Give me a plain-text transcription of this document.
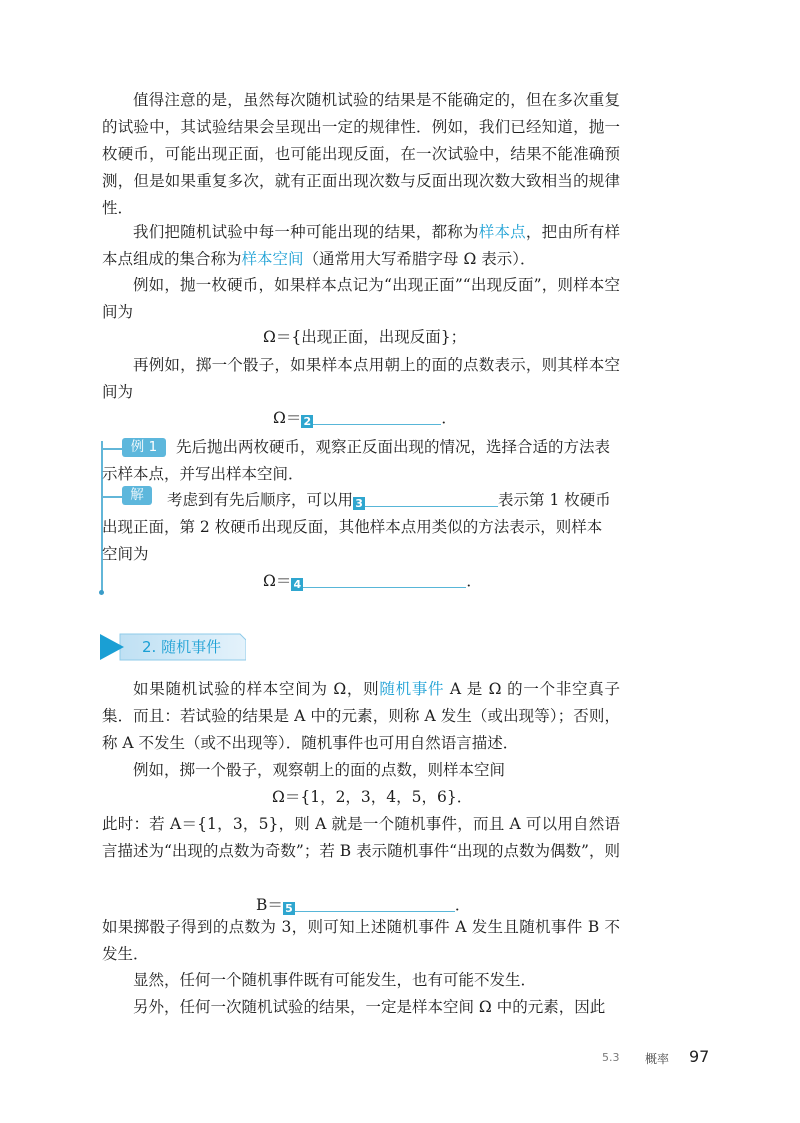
值得注意的是，虽然每次随机试验的结果是不能确定的，但在多次重复的试验中，其试验结果会呈现出一定的规律性．例如，我们已经知道，抛一枚硬币，可能出现正面，也可能出现反面，在一次试验中，结果不能准确预测，但是如果重复多次，就有正面出现次数与反面出现次数大致相当的规律性．

我们把随机试验中每一种可能出现的结果，都称为样本点，把由所有样本点组成的集合称为样本空间（通常用大写希腊字母 Ω 表示）．

例如，抛一枚硬币，如果样本点记为“出现正面”“出现反面”，则样本空间为

Ω＝{出现正面，出现反面}；

再例如，掷一个骰子，如果样本点用朝上的面的点数表示，则其样本空间为

Ω＝ 2	．
例 1	先后抛出两枚硬币，观察正反面出现的情况，选择合适的方法表

示样本点，并写出样本空间．
解	考虑到有先后顺序，可以用 3	表示第 1 枚硬币
出现正面，第 2 枚硬币出现反面，其他样本点用类似的方法表示，则样本
空间为
Ω＝ 4	．
2. 随机事件

如果随机试验的样本空间为 Ω，则随机事件 A 是 Ω 的一个非空真子集．而且：若试验的结果是 A 中的元素，则称 A 发生（或出现等）；否则，称 A 不发生（或不出现等）．随机事件也可用自然语言描述．

例如，掷一个骰子，观察朝上的面的点数，则样本空间

Ω＝{1，2，3，4，5，6}．

此时：若 A＝{1，3，5}，则 A 就是一个随机事件，而且 A 可以用自然语言描述为“出现的点数为奇数”；若 B 表示随机事件“出现的点数为偶数”，则

B＝ 5	．

如果掷骰子得到的点数为 3，则可知上述随机事件 A 发生且随机事件 B 不发生．

显然，任何一个随机事件既有可能发生，也有可能不发生．

另外，任何一次随机试验的结果，一定是样本空间 Ω 中的元素，因此

5.3 概率 97
